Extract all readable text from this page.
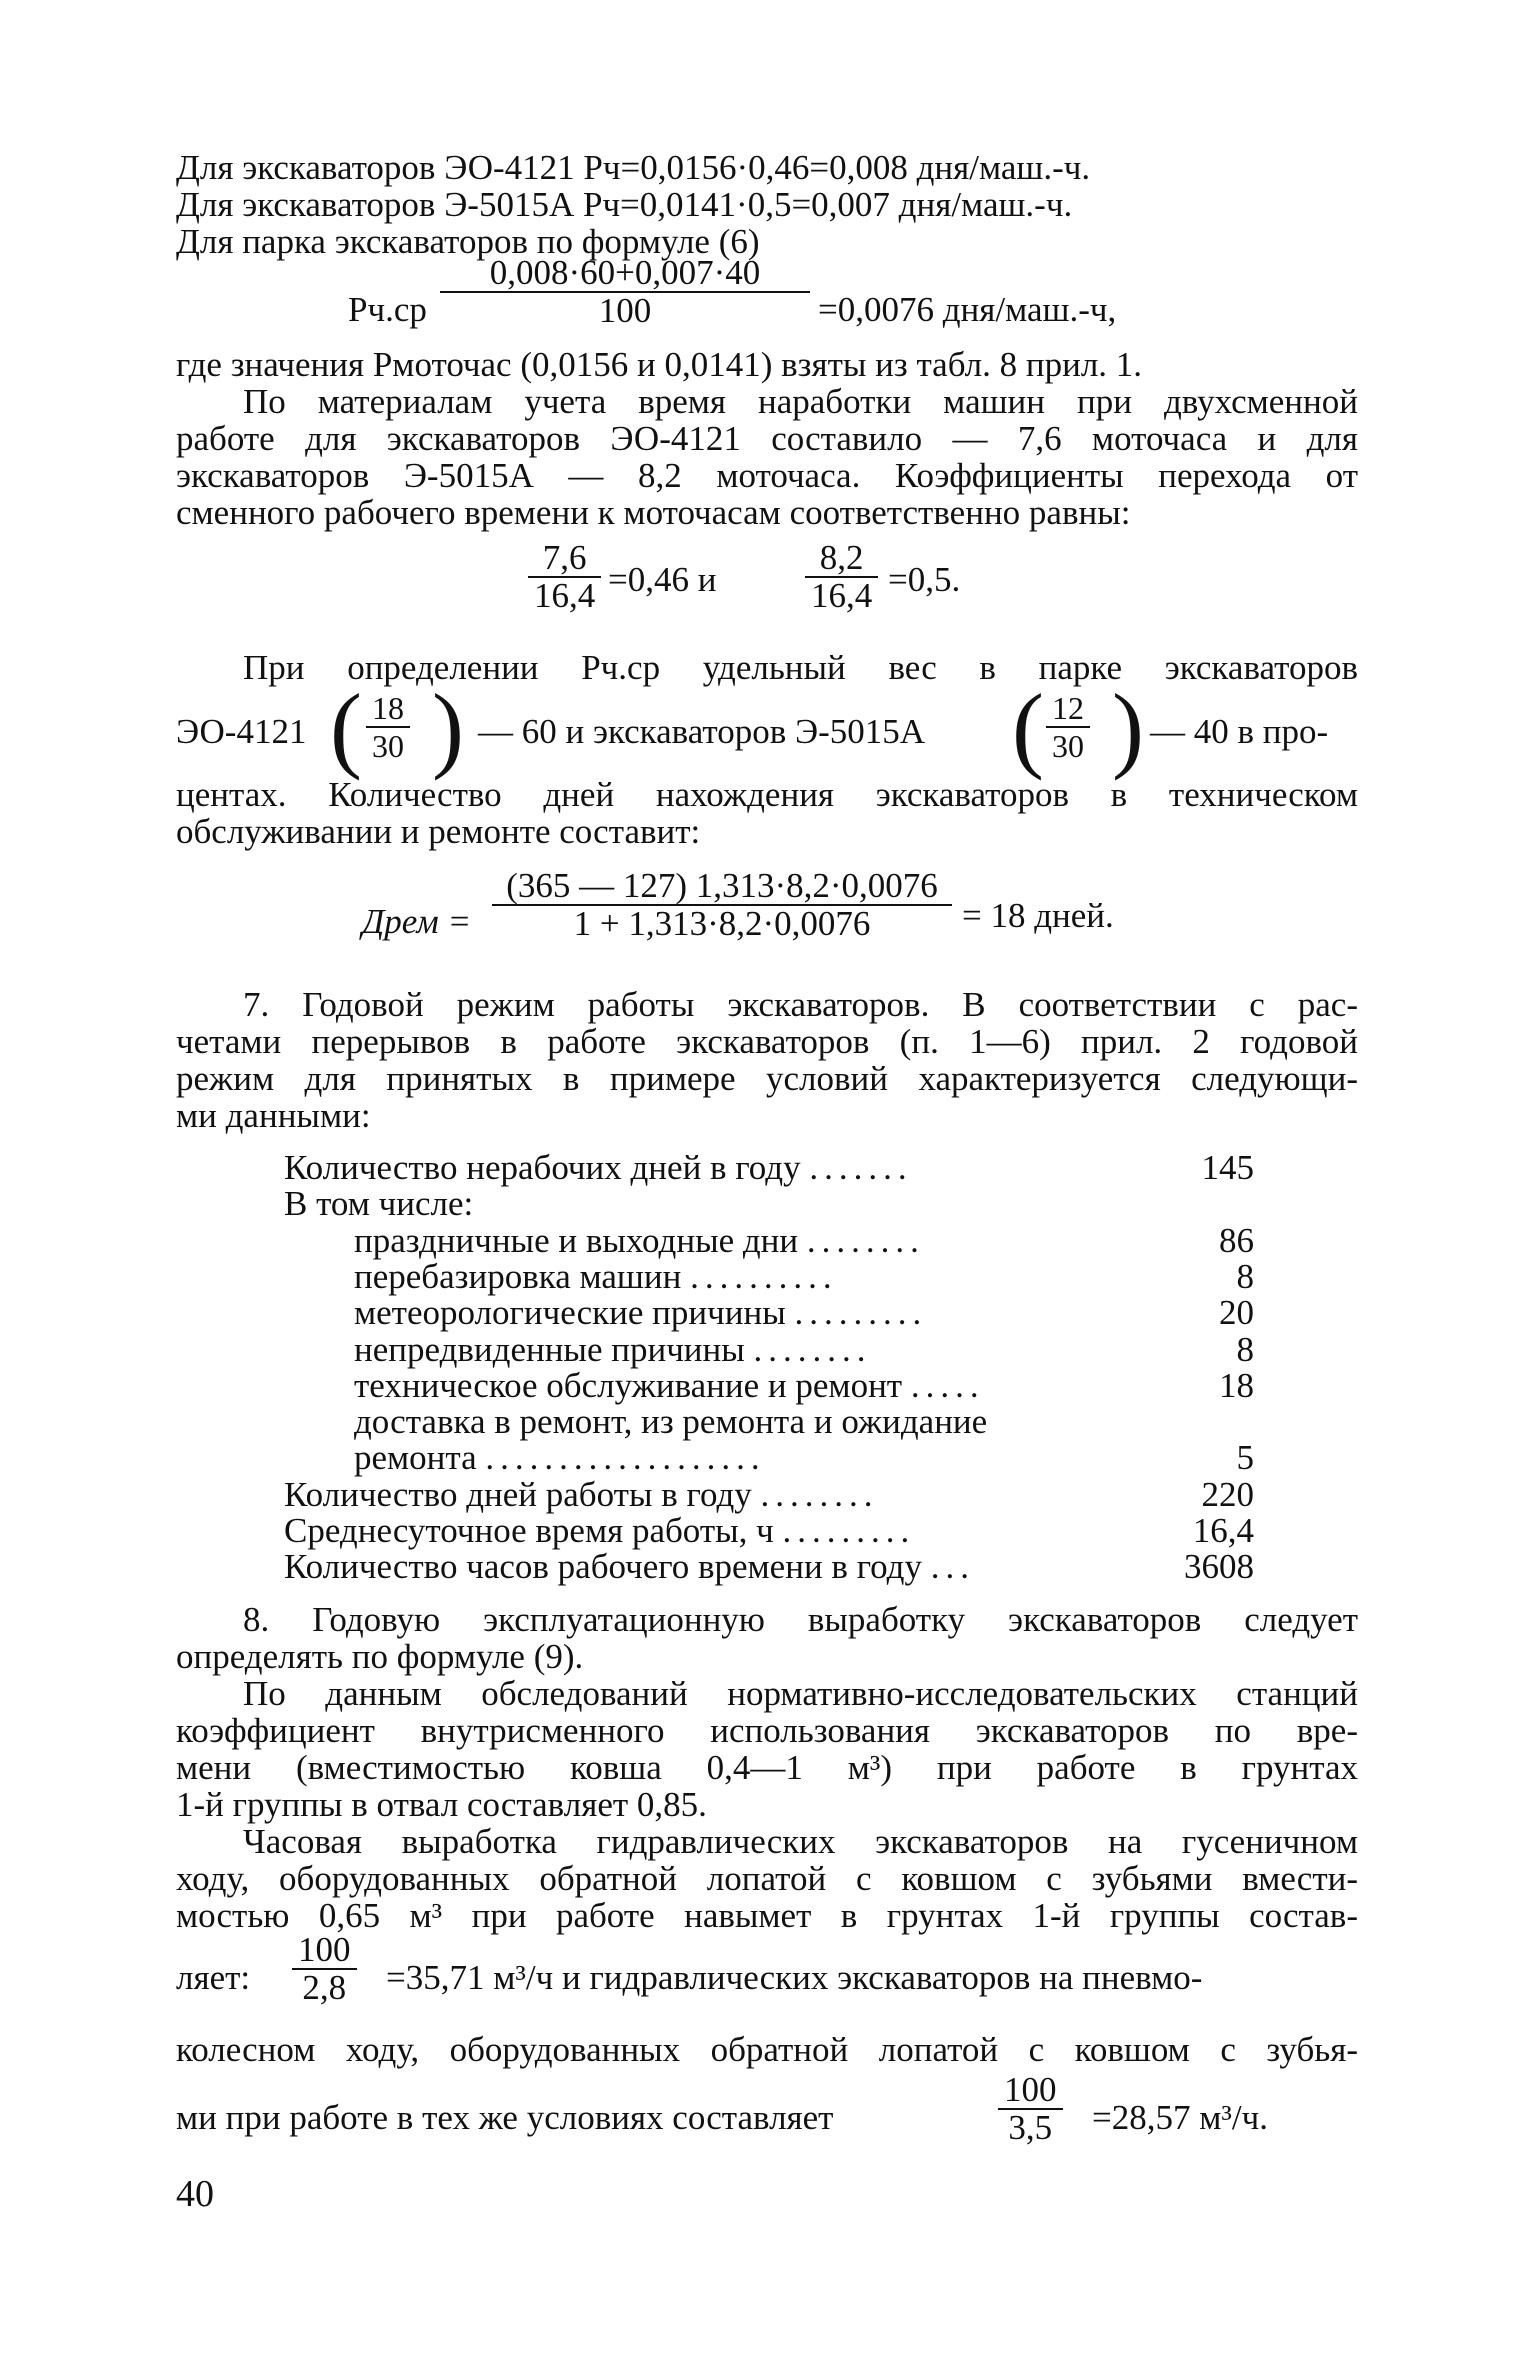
Для экскаваторов ЭО-4121 Pч=0,0156·0,46=0,008 дня/маш.-ч.
Для экскаваторов Э-5015А Pч=0,0141·0,5=0,007 дня/маш.-ч.
Для парка экскаваторов по формуле (6)
$Pч.ср \frac{0,008\cdot 60+0,007\cdot 40}{100} =0,0076$ дня/маш.-ч,
где значения Pмоточас (0,0156 и 0,0141) взяты из табл. 8 прил. 1.
По материалам учета время наработки машин при двухсменной
работе для экскаваторов ЭО-4121 составило — 7,6 моточаса и для
экскаваторов Э-5015А — 8,2 моточаса. Коэффициенты перехода от
сменного рабочего времени к моточасам соответственно равны:
$\frac{7,6}{16,4} =0,46$ и	$\frac{8,2}{16,4} =0,5$.
При определении Pч.ср удельный вес в парке экскаваторов
ЭО-4121 ( $\frac{18}{30}$ ) — 60 и экскаваторов Э-5015А ( $\frac{12}{30}$ ) — 40 в про-
центах. Количество дней нахождения экскаваторов в техническом
обслуживании и ремонте составит:
Дрем = $\frac{(365 — 127) 1,313\cdot 8,2\cdot 0,0076}{1 + 1,313\cdot 8,2\cdot 0,0076} = 18$ дней.
7. Годовой режим работы экскаваторов. В соответствии с рас-
четами перерывов в работе экскаваторов (п. 1—6) прил. 2 годовой
режим для принятых в примере условий характеризуется следующи-
ми данными:
Количество нерабочих дней в году .......	145
В том числе:
праздничные и выходные дни ........	86
перебазировка машин ..........	8
метеорологические причины .........	20
непредвиденные причины ........	8
техническое обслуживание и ремонт .....	18
доставка в ремонт, из ремонта и ожидание
ремонта ...................	5
Количество дней работы в году ........	220
Среднесуточное время работы, ч .........	16,4
Количество часов рабочего времени в году ...	3608
8. Годовую эксплуатационную выработку экскаваторов следует
определять по формуле (9).
По данным обследований нормативно-исследовательских станций
коэффициент внутрисменного использования экскаваторов по вре-
мени (вместимостью ковша 0,4—1 м³) при работе в грунтах
1-й группы в отвал составляет 0,85.
Часовая выработка гидравлических экскаваторов на гусеничном
ходу, оборудованных обратной лопатой с ковшом с зубьями вмести-
мостью 0,65 м³ при работе навымет в грунтах 1-й группы состав-
ляет: $\frac{100}{2,8} =35,71$ м³/ч и гидравлических экскаваторов на пневмо-
колесном ходу, оборудованных обратной лопатой с ковшом с зубья-
ми при работе в тех же условиях составляет	$\frac{100}{3,5} =28,57$ м³/ч.
40
